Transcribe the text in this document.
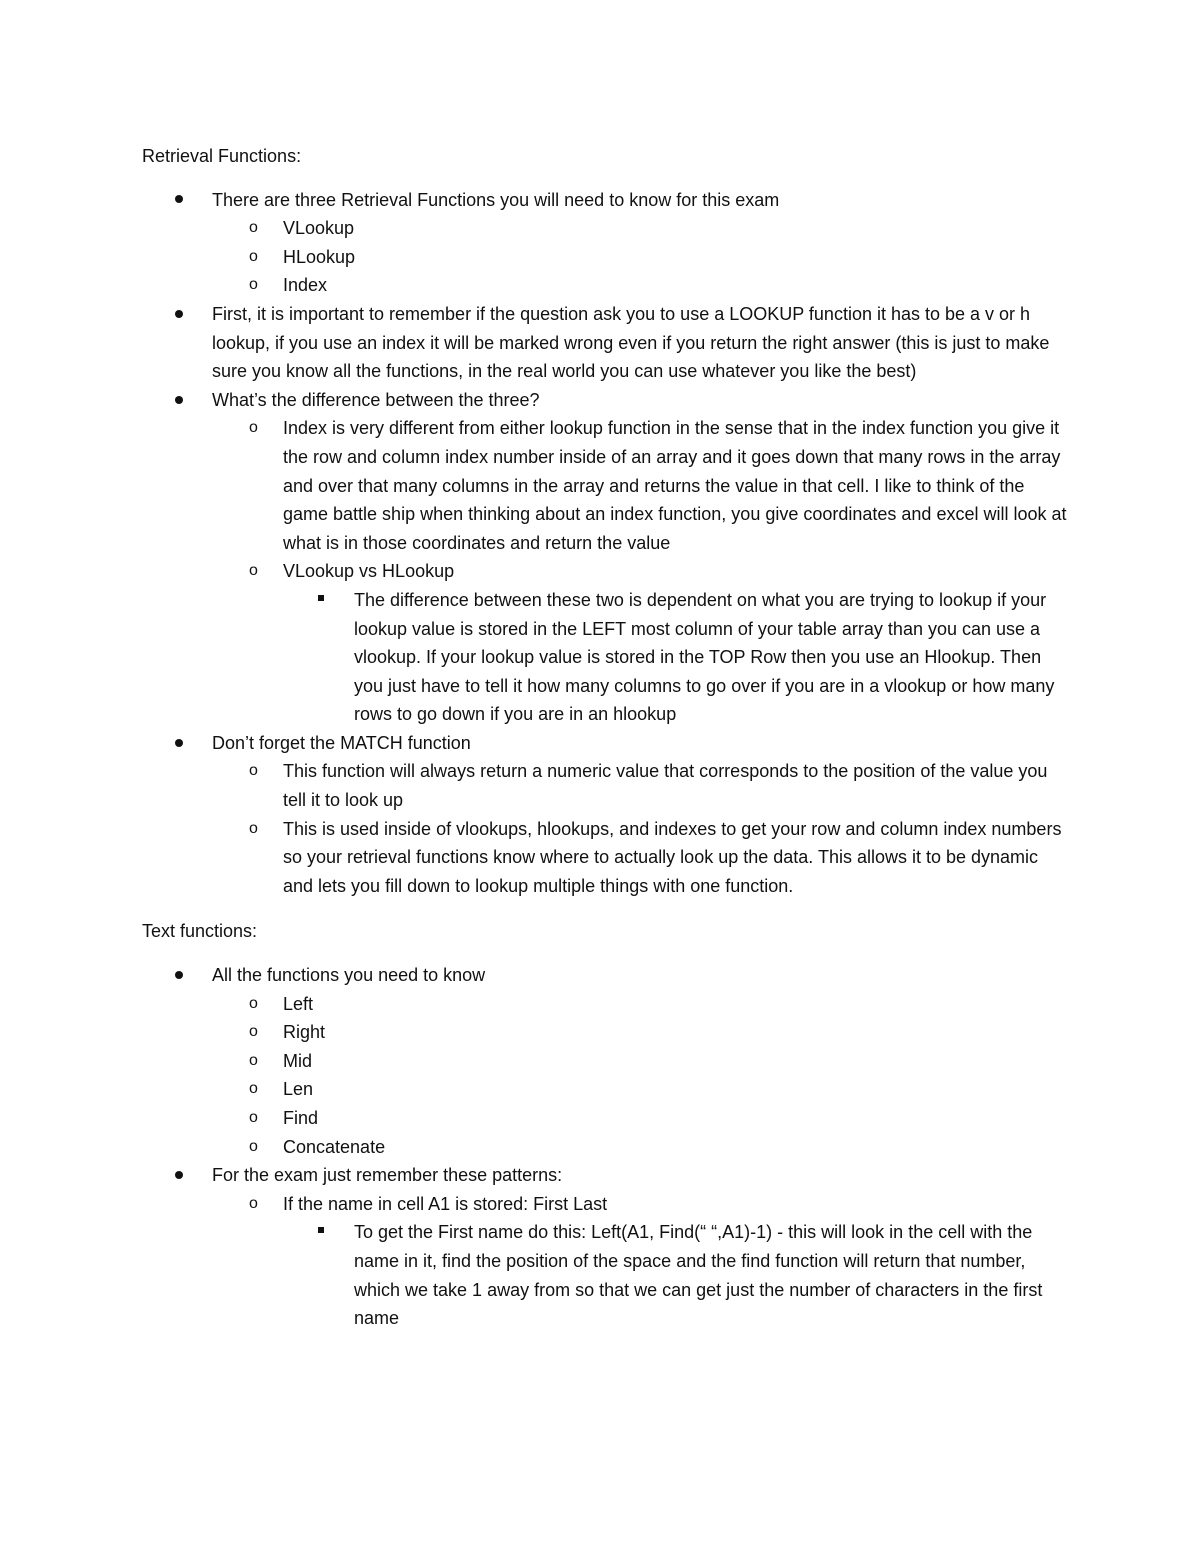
Retrieval Functions:
There are three Retrieval Functions you will need to know for this exam
o VLookup
o HLookup
o Index
First, it is important to remember if the question ask you to use a LOOKUP function it has to be a v or h lookup, if you use an index it will be marked wrong even if you return the right answer (this is just to make sure you know all the functions, in the real world you can use whatever you like the best)
What’s the difference between the three?
o Index is very different from either lookup function in the sense that in the index function you give it the row and column index number inside of an array and it goes down that many rows in the array and over that many columns in the array and returns the value in that cell. I like to think of the game battle ship when thinking about an index function, you give coordinates and excel will look at what is in those coordinates and return the value
o VLookup vs HLookup
The difference between these two is dependent on what you are trying to lookup if your lookup value is stored in the LEFT most column of your table array than you can use a vlookup. If your lookup value is stored in the TOP Row then you use an Hlookup. Then you just have to tell it how many columns to go over if you are in a vlookup or how many rows to go down if you are in an hlookup
Don’t forget the MATCH function
o This function will always return a numeric value that corresponds to the position of the value you tell it to look up
o This is used inside of vlookups, hlookups, and indexes to get your row and column index numbers so your retrieval functions know where to actually look up the data. This allows it to be dynamic and lets you fill down to lookup multiple things with one function.
Text functions:
All the functions you need to know
o Left
o Right
o Mid
o Len
o Find
o Concatenate
For the exam just remember these patterns:
o If the name in cell A1 is stored: First Last
To get the First name do this: Left(A1, Find(“ “,A1)-1) - this will look in the cell with the name in it, find the position of the space and the find function will return that number, which we take 1 away from so that we can get just the number of characters in the first name
